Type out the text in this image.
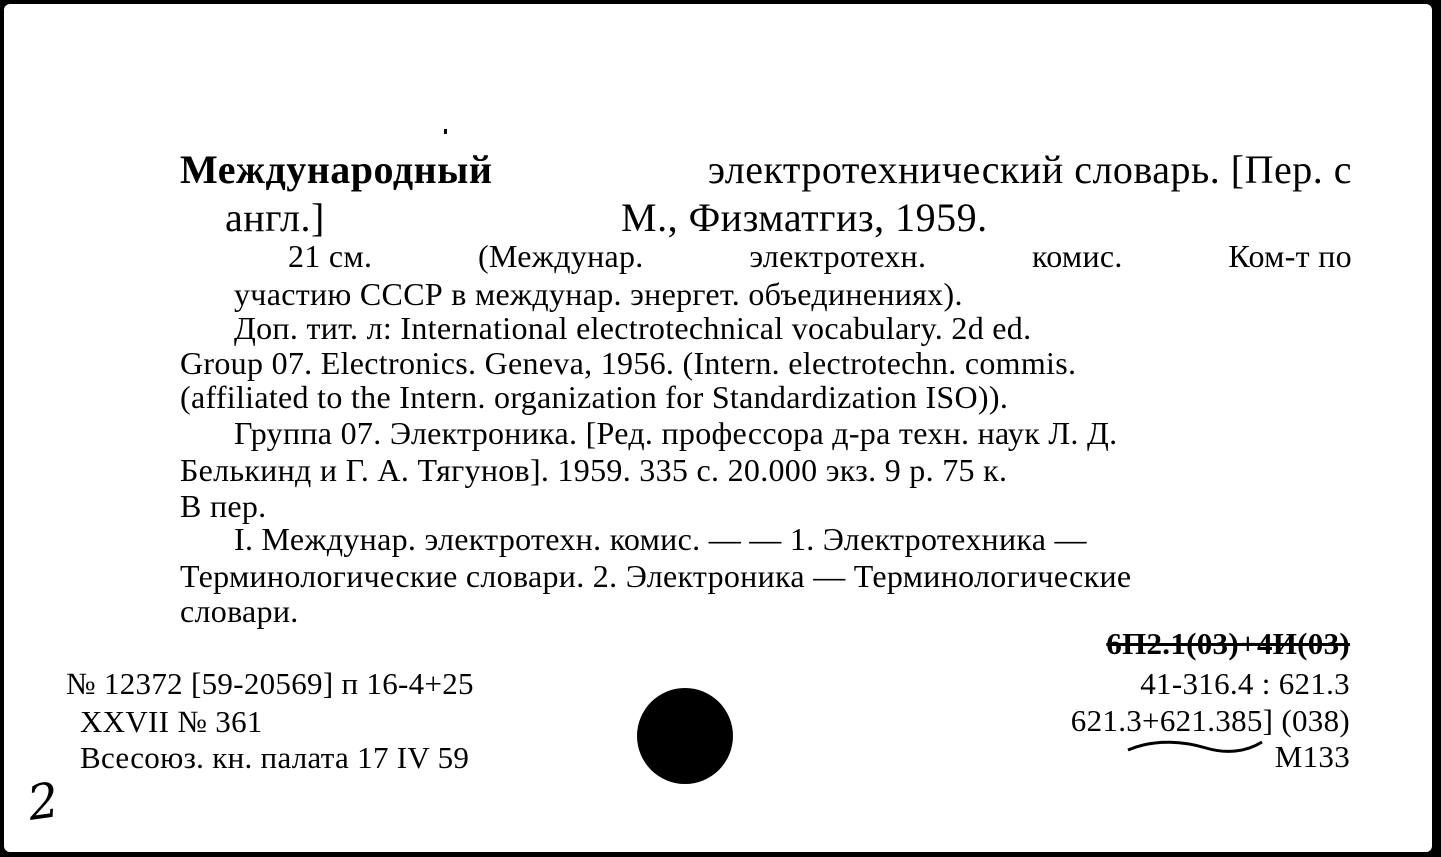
Международный	электротехнический словарь. [Пер. с
англ.]	М., Физматгиз, 1959.
21 см.	(Междунар.	электротехн.	комис.	Ком-т по
участию СССР в междунар. энергет. объединениях).
Доп. тит. л: International electrotechnical vocabulary. 2d ed.
Group 07. Electronics. Geneva, 1956. (Intern. electrotechn. commis.
(affiliated to the Intern. organization for Standardization ISO)).
Группа 07. Электроника. [Ред. профессора д-ра техн. наук Л. Д.
Белькинд и Г. А. Тягунов]. 1959. 335 с. 20.000 экз. 9 р. 75 к.
В пер.
I. Междунар. электротехн. комис. — — 1. Электротехника —
Терминологические словари. 2. Электроника — Терминологические
словари.
№ 12372 [59-20569] п 16-4+25
XXVII № 361
Всесоюз. кн. палата 17 IV 59
6П2.1(03)+4И(03)
41-316.4 : 621.3
621.3+621.385] (038)
М133
2
